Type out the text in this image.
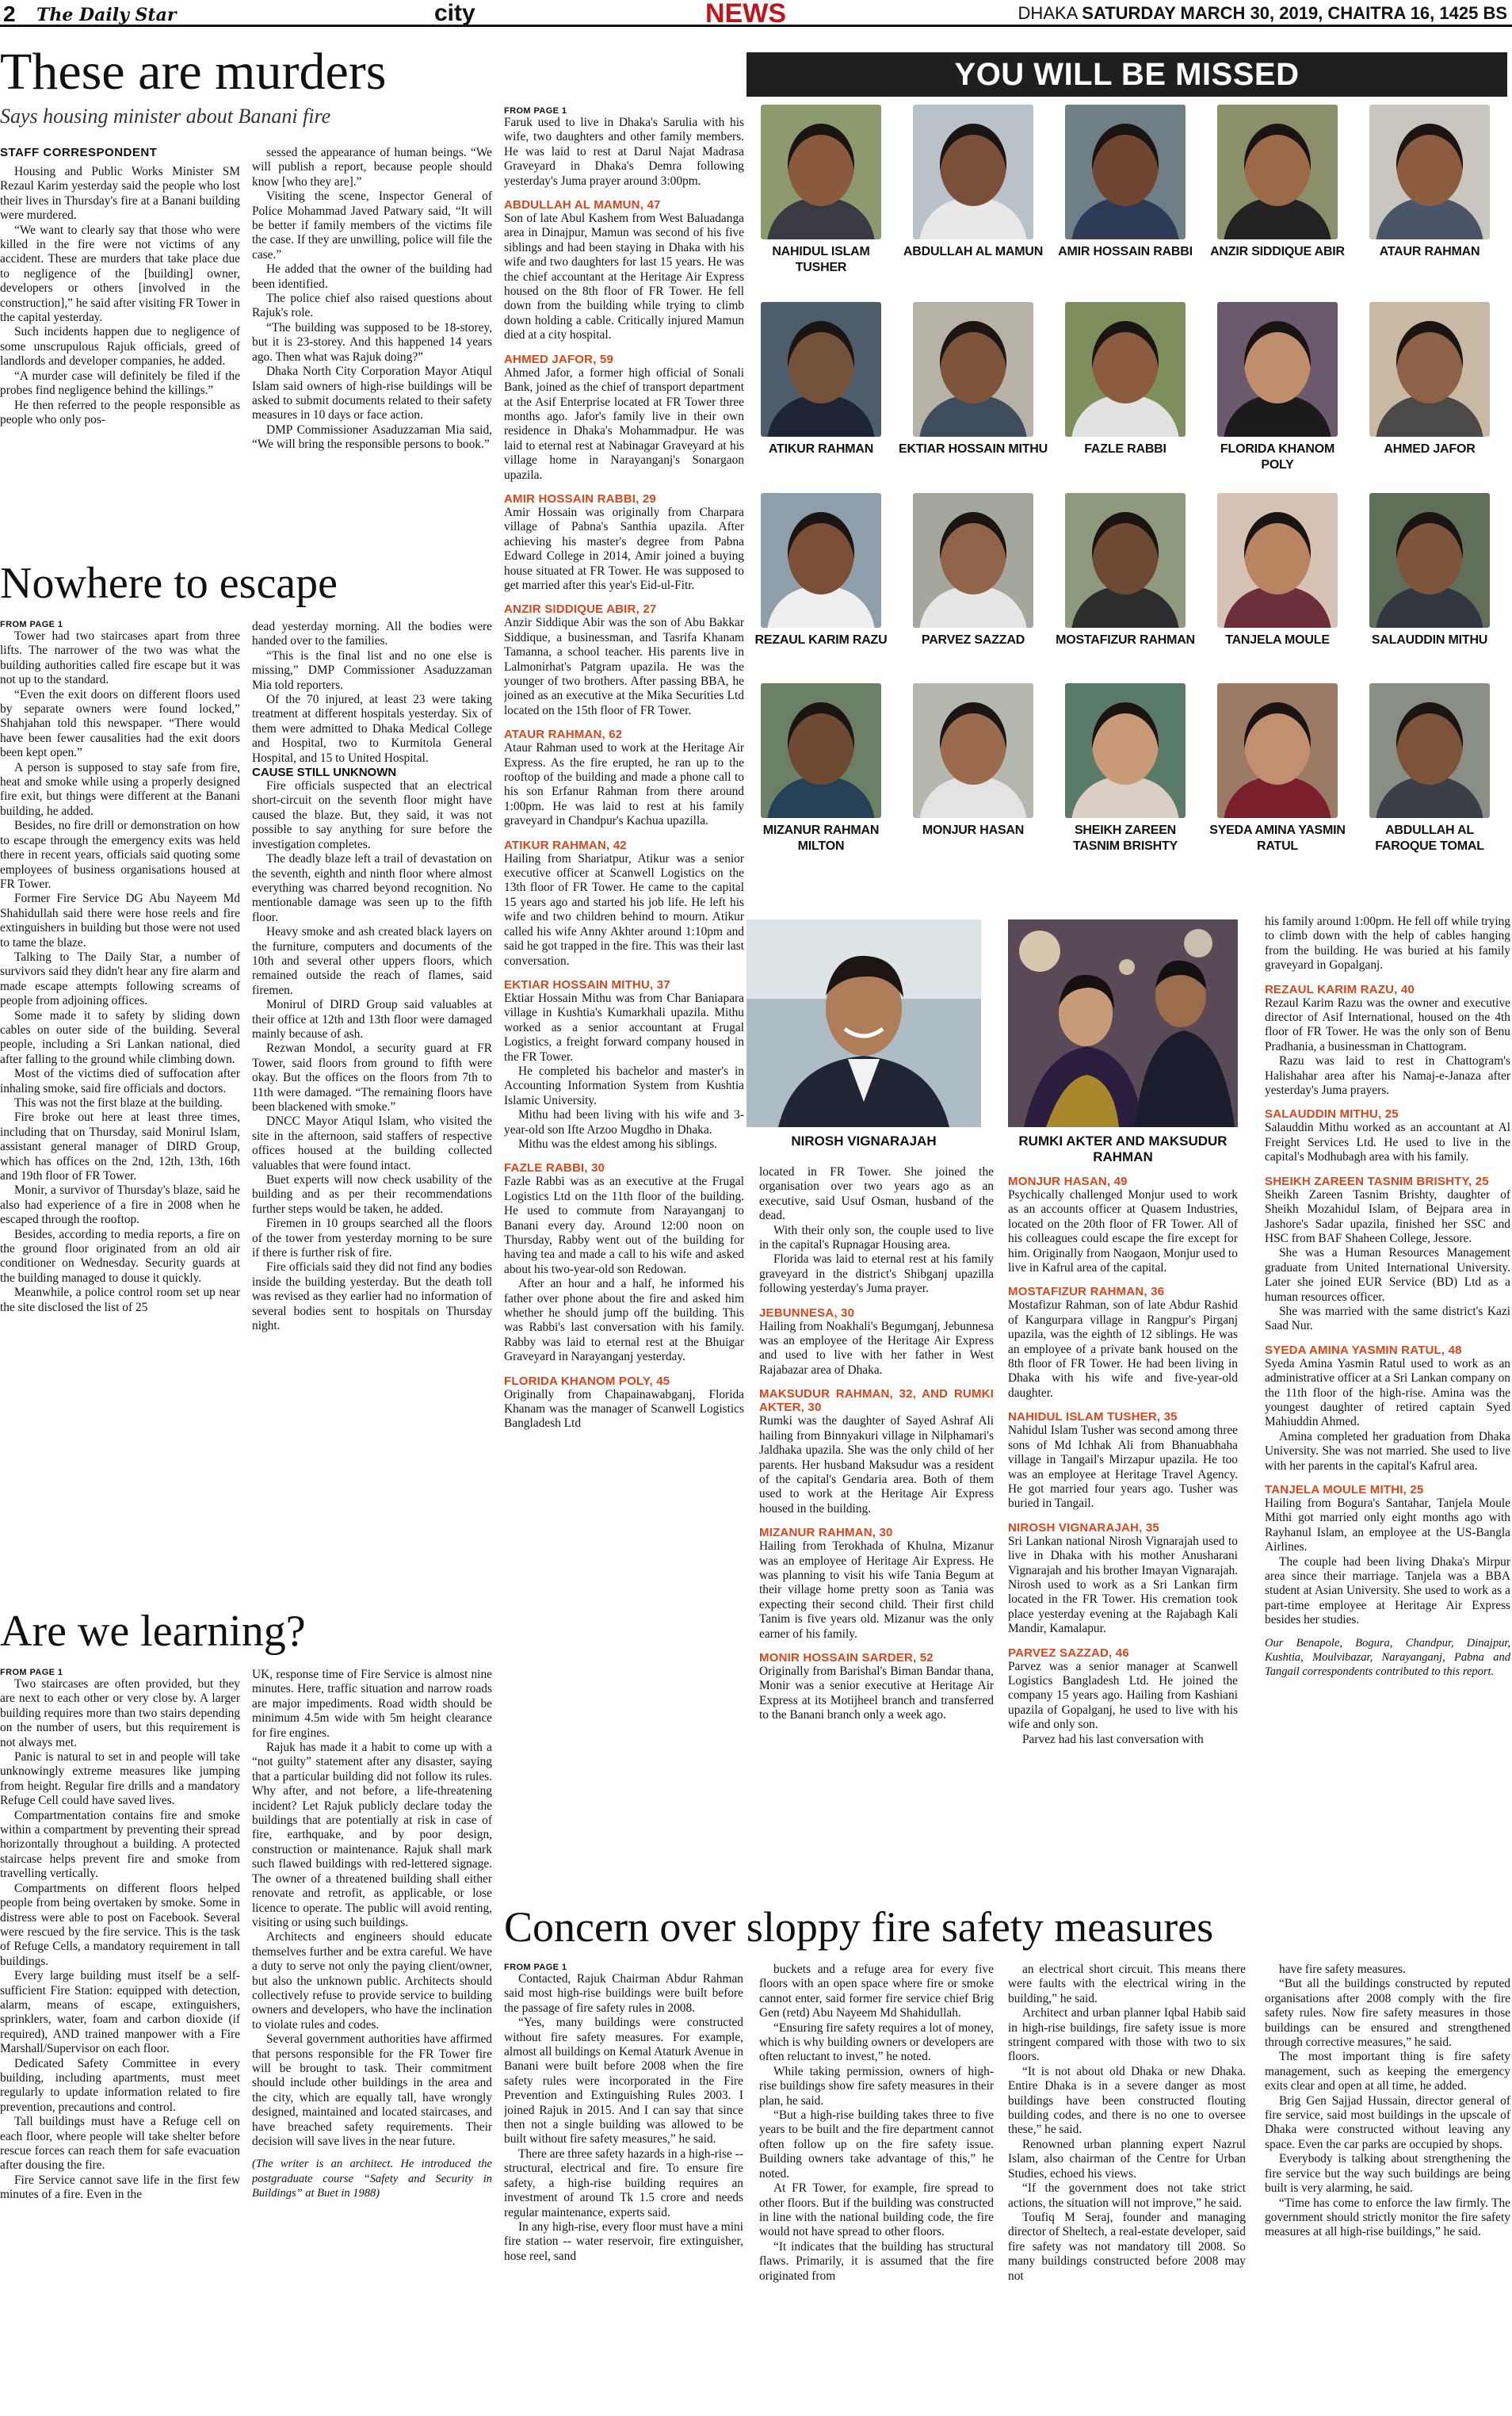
2 The Daily Star	city	NEWS	DHAKA SATURDAY MARCH 30, 2019, CHAITRA 16, 1425 BS
These are murders
Says housing minister about Banani fire
STAFF CORRESPONDENT

Housing and Public Works Minister SM Rezaul Karim yesterday said the people who lost their lives in Thursday's fire at a Banani building were murdered.

“We want to clearly say that those who were killed in the fire were not victims of any accident. These are murders that take place due to negligence of the [building] owner, developers or others [involved in the construction],” he said after visiting FR Tower in the capital yesterday.

Such incidents happen due to negligence of some unscrupulous Rajuk officials, greed of landlords and developer companies, he added.

“A murder case will definitely be filed if the probes find negligence behind the killings.”

He then referred to the people responsible as people who only pos-

sessed the appearance of human beings. “We will publish a report, because people should know [who they are].”

Visiting the scene, Inspector General of Police Mohammad Javed Patwary said, “It will be better if family members of the victims file the case. If they are unwilling, police will file the case.”

He added that the owner of the building had been identified.

The police chief also raised questions about Rajuk's role.

“The building was supposed to be 18-storey, but it is 23-storey. And this happened 14 years ago. Then what was Rajuk doing?”

Dhaka North City Corporation Mayor Atiqul Islam said owners of high-rise buildings will be asked to submit documents related to their safety measures in 10 days or face action.

DMP Commissioner Asaduzzaman Mia said, “We will bring the responsible persons to book.”

Nowhere to escape

FROM PAGE 1

Tower had two staircases apart from three lifts. The narrower of the two was what the building authorities called fire escape but it was not up to the standard.

“Even the exit doors on different floors used by separate owners were found locked,” Shahjahan told this newspaper. “There would have been fewer causalities had the exit doors been kept open.”

A person is supposed to stay safe from fire, heat and smoke while using a properly designed fire exit, but things were different at the Banani building, he added.

Besides, no fire drill or demonstration on how to escape through the emergency exits was held there in recent years, officials said quoting some employees of business organisations housed at FR Tower.

Former Fire Service DG Abu Nayeem Md Shahidullah said there were hose reels and fire extinguishers in building but those were not used to tame the blaze.

Talking to The Daily Star, a number of survivors said they didn't hear any fire alarm and made escape attempts following screams of people from adjoining offices.

Some made it to safety by sliding down cables on outer side of the building. Several people, including a Sri Lankan national, died after falling to the ground while climbing down.

Most of the victims died of suffocation after inhaling smoke, said fire officials and doctors.

This was not the first blaze at the building.

Fire broke out here at least three times, including that on Thursday, said Monirul Islam, assistant general manager of DIRD Group, which has offices on the 2nd, 12th, 13th, 16th and 19th floor of FR Tower.

Monir, a survivor of Thursday's blaze, said he also had experience of a fire in 2008 when he escaped through the rooftop.

Besides, according to media reports, a fire on the ground floor originated from an old air conditioner on Wednesday. Security guards at the building managed to douse it quickly.

Meanwhile, a police control room set up near the site disclosed the list of 25

dead yesterday morning. All the bodies were handed over to the families.

“This is the final list and no one else is missing,” DMP Commissioner Asaduzzaman Mia told reporters.

Of the 70 injured, at least 23 were taking treatment at different hospitals yesterday. Six of them were admitted to Dhaka Medical College and Hospital, two to Kurmitola General Hospital, and 15 to United Hospital.

CAUSE STILL UNKNOWN

Fire officials suspected that an electrical short-circuit on the seventh floor might have caused the blaze. But, they said, it was not possible to say anything for sure before the investigation completes.

The deadly blaze left a trail of devastation on the seventh, eighth and ninth floor where almost everything was charred beyond recognition. No mentionable damage was seen up to the fifth floor.

Heavy smoke and ash created black layers on the furniture, computers and documents of the 10th and several other uppers floors, which remained outside the reach of flames, said firemen.

Monirul of DIRD Group said valuables at their office at 12th and 13th floor were damaged mainly because of ash.

Rezwan Mondol, a security guard at FR Tower, said floors from ground to fifth were okay. But the offices on the floors from 7th to 11th were damaged. “The remaining floors have been blackened with smoke.”

DNCC Mayor Atiqul Islam, who visited the site in the afternoon, said staffers of respective offices housed at the building collected valuables that were found intact.

Buet experts will now check usability of the building and as per their recommendations further steps would be taken, he added.

Firemen in 10 groups searched all the floors of the tower from yesterday morning to be sure if there is further risk of fire.

Fire officials said they did not find any bodies inside the building yesterday. But the death toll was revised as they earlier had no information of several bodies sent to hospitals on Thursday night.

Are we learning?

FROM PAGE 1

Two staircases are often provided, but they are next to each other or very close by. A larger building requires more than two stairs depending on the number of users, but this requirement is not always met.

Panic is natural to set in and people will take unknowingly extreme measures like jumping from height. Regular fire drills and a mandatory Refuge Cell could have saved lives.

Compartmentation contains fire and smoke within a compartment by preventing their spread horizontally throughout a building. A protected staircase helps prevent fire and smoke from travelling vertically.

Compartments on different floors helped people from being overtaken by smoke. Some in distress were able to post on Facebook. Several were rescued by the fire service. This is the task of Refuge Cells, a mandatory requirement in tall buildings.

Every large building must itself be a self-sufficient Fire Station: equipped with detection, alarm, means of escape, extinguishers, sprinklers, water, foam and carbon dioxide (if required), AND trained manpower with a Fire Marshall/Supervisor on each floor.

Dedicated Safety Committee in every building, including apartments, must meet regularly to update information related to fire prevention, precautions and control.

Tall buildings must have a Refuge cell on each floor, where people will take shelter before rescue forces can reach them for safe evacuation after dousing the fire.

Fire Service cannot save life in the first few minutes of a fire. Even in the

UK, response time of Fire Service is almost nine minutes. Here, traffic situation and narrow roads are major impediments. Road width should be minimum 4.5m wide with 5m height clearance for fire engines.

Rajuk has made it a habit to come up with a “not guilty” statement after any disaster, saying that a particular building did not follow its rules. Why after, and not before, a life-threatening incident? Let Rajuk publicly declare today the buildings that are potentially at risk in case of fire, earthquake, and by poor design, construction or maintenance. Rajuk shall mark such flawed buildings with red-lettered signage. The owner of a threatened building shall either renovate and retrofit, as applicable, or lose licence to operate. The public will avoid renting, visiting or using such buildings.

Architects and engineers should educate themselves further and be extra careful. We have a duty to serve not only the paying client/owner, but also the unknown public. Architects should collectively refuse to provide service to building owners and developers, who have the inclination to violate rules and codes.

Several government authorities have affirmed that persons responsible for the FR Tower fire will be brought to task. Their commitment should include other buildings in the area and the city, which are equally tall, have wrongly designed, maintained and located staircases, and have breached safety requirements. Their decision will save lives in the near future.

(The writer is an architect. He introduced the postgraduate course “Safety and Security in Buildings” at Buet in 1988)

FROM PAGE 1

Faruk used to live in Dhaka's Sarulia with his wife, two daughters and other family members. He was laid to rest at Darul Najat Madrasa Graveyard in Dhaka's Demra following yesterday's Juma prayer around 3:00pm.

ABDULLAH AL MAMUN, 47

Son of late Abul Kashem from West Baluadanga area in Dinajpur, Mamun was second of his five siblings and had been staying in Dhaka with his wife and two daughters for last 15 years. He was the chief accountant at the Heritage Air Express housed on the 8th floor of FR Tower. He fell down from the building while trying to climb down holding a cable. Critically injured Mamun died at a city hospital.

AHMED JAFOR, 59

Ahmed Jafor, a former high official of Sonali Bank, joined as the chief of transport department at the Asif Enterprise located at FR Tower three months ago. Jafor's family live in their own residence in Dhaka's Mohammadpur. He was laid to eternal rest at Nabinagar Graveyard at his village home in Narayanganj's Sonargaon upazila.

AMIR HOSSAIN RABBI, 29

Amir Hossain was originally from Charpara village of Pabna's Santhia upazila. After achieving his master's degree from Pabna Edward College in 2014, Amir joined a buying house situated at FR Tower. He was supposed to get married after this year's Eid-ul-Fitr.

ANZIR SIDDIQUE ABIR, 27

Anzir Siddique Abir was the son of Abu Bakkar Siddique, a businessman, and Tasrifa Khanam Tamanna, a school teacher. His parents live in Lalmonirhat's Patgram upazila. He was the younger of two brothers. After passing BBA, he joined as an executive at the Mika Securities Ltd located on the 15th floor of FR Tower.

ATAUR RAHMAN, 62

Ataur Rahman used to work at the Heritage Air Express. As the fire erupted, he ran up to the rooftop of the building and made a phone call to his son Erfanur Rahman from there around 1:00pm. He was laid to rest at his family graveyard in Chandpur's Kachua upazilla.

ATIKUR RAHMAN, 42

Hailing from Shariatpur, Atikur was a senior executive officer at Scanwell Logistics on the 13th floor of FR Tower. He came to the capital 15 years ago and started his job life. He left his wife and two children behind to mourn. Atikur called his wife Anny Akhter around 1:10pm and said he got trapped in the fire. This was their last conversation.

EKTIAR HOSSAIN MITHU, 37

Ektiar Hossain Mithu was from Char Baniapara village in Kushtia's Kumarkhali upazila. Mithu worked as a senior accountant at Frugal Logistics, a freight forward company housed in the FR Tower.

He completed his bachelor and master's in Accounting Information System from Kushtia Islamic University.

Mithu had been living with his wife and 3-year-old son Ifte Arzoo Mugdho in Dhaka.

Mithu was the eldest among his siblings.

FAZLE RABBI, 30

Fazle Rabbi was as an executive at the Frugal Logistics Ltd on the 11th floor of the building. He used to commute from Narayanganj to Banani every day. Around 12:00 noon on Thursday, Rabby went out of the building for having tea and made a call to his wife and asked about his two-year-old son Redowan.

After an hour and a half, he informed his father over phone about the fire and asked him whether he should jump off the building. This was Rabbi's last conversation with his family. Rabby was laid to eternal rest at the Bhuigar Graveyard in Narayanganj yesterday.

FLORIDA KHANOM POLY, 45

Originally from Chapainawabganj, Florida Khanam was the manager of Scanwell Logistics Bangladesh Ltd

YOU WILL BE MISSED
NAHIDUL ISLAM TUSHER
ABDULLAH AL MAMUN	AMIR HOSSAIN RABBI	ANZIR SIDDIQUE ABIR	ATAUR RAHMAN
ATIKUR RAHMAN	EKTIAR HOSSAIN MITHU	FAZLE RABBI	FLORIDA KHANOM POLY
AHMED JAFOR
REZAUL KARIM RAZU	PARVEZ SAZZAD	MOSTAFIZUR RAHMAN	TANJELA MOULE	SALAUDDIN MITHU
MIZANUR RAHMAN MILTON
MONJUR HASAN	SHEIKH ZAREEN TASNIM BRISHTY
SYEDA AMINA YASMIN RATUL
ABDULLAH AL FAROQUE TOMAL
NIROSH VIGNARAJAH	RUMKI AKTER AND MAKSUDUR RAHMAN

located in FR Tower. She joined the organisation over two years ago as an executive, said Usuf Osman, husband of the dead.

With their only son, the couple used to live in the capital's Rupnagar Housing area.

Florida was laid to eternal rest at his family graveyard in the district's Shibganj upazilla following yesterday's Juma prayer.

JEBUNNESA, 30

Hailing from Noakhali's Begumganj, Jebunnesa was an employee of the Heritage Air Express and used to live with her father in West Rajabazar area of Dhaka.

MAKSUDUR RAHMAN, 32, AND RUMKI AKTER, 30

Rumki was the daughter of Sayed Ashraf Ali hailing from Binnyakuri village in Nilphamari's Jaldhaka upazila. She was the only child of her parents. Her husband Maksudur was a resident of the capital's Gendaria area. Both of them used to work at the Heritage Air Express housed in the building.

MIZANUR RAHMAN, 30

Hailing from Terokhada of Khulna, Mizanur was an employee of Heritage Air Express. He was planning to visit his wife Tania Begum at their village home pretty soon as Tania was expecting their second child. Their first child Tanim is five years old. Mizanur was the only earner of his family.

MONIR HOSSAIN SARDER, 52

Originally from Barishal's Biman Bandar thana, Monir was a senior executive at Heritage Air Express at its Motijheel branch and transferred to the Banani branch only a week ago.

MONJUR HASAN, 49

Psychically challenged Monjur used to work as an accounts officer at Quasem Industries, located on the 20th floor of FR Tower. All of his colleagues could escape the fire except for him. Originally from Naogaon, Monjur used to live in Kafrul area of the capital.

MOSTAFIZUR RAHMAN, 36

Mostafizur Rahman, son of late Abdur Rashid of Kangurpara village in Rangpur's Pirganj upazila, was the eighth of 12 siblings. He was an employee of a private bank housed on the 8th floor of FR Tower. He had been living in Dhaka with his wife and five-year-old daughter.

NAHIDUL ISLAM TUSHER, 35

Nahidul Islam Tusher was second among three sons of Md Ichhak Ali from Bhanuabhaha village in Tangail's Mirzapur upazila. He too was an employee at Heritage Travel Agency. He got married four years ago. Tusher was buried in Tangail.

NIROSH VIGNARAJAH, 35

Sri Lankan national Nirosh Vignarajah used to live in Dhaka with his mother Anusharani Vignarajah and his brother Imayan Vignarajah. Nirosh used to work as a Sri Lankan firm located in the FR Tower. His cremation took place yesterday evening at the Rajabagh Kali Mandir, Kamalapur.

PARVEZ SAZZAD, 46

Parvez was a senior manager at Scanwell Logistics Bangladesh Ltd. He joined the company 15 years ago. Hailing from Kashiani upazila of Gopalganj, he used to live with his wife and only son.

Parvez had his last conversation with

his family around 1:00pm. He fell off while trying to climb down with the help of cables hanging from the building. He was buried at his family graveyard in Gopalganj.

REZAUL KARIM RAZU, 40

Rezaul Karim Razu was the owner and executive director of Asif International, housed on the 4th floor of FR Tower. He was the only son of Benu Pradhania, a businessman in Chattogram.

Razu was laid to rest in Chattogram's Halishahar area after his Namaj-e-Janaza after yesterday's Juma prayers.

SALAUDDIN MITHU, 25

Salauddin Mithu worked as an accountant at Al Freight Services Ltd. He used to live in the capital's Modhubagh area with his family.

SHEIKH ZAREEN TASNIM BRISHTY, 25

Sheikh Zareen Tasnim Brishty, daughter of Sheikh Mozahidul Islam, of Bejpara area in Jashore's Sadar upazila, finished her SSC and HSC from BAF Shaheen College, Jessore.

She was a Human Resources Management graduate from United International University. Later she joined EUR Service (BD) Ltd as a human resources officer.

She was married with the same district's Kazi Saad Nur.

SYEDA AMINA YASMIN RATUL, 48

Syeda Amina Yasmin Ratul used to work as an administrative officer at a Sri Lankan company on the 11th floor of the high-rise. Amina was the youngest daughter of retired captain Syed Mahiuddin Ahmed.

Amina completed her graduation from Dhaka University. She was not married. She used to live with her parents in the capital's Kafrul area.

TANJELA MOULE MITHI, 25

Hailing from Bogura's Santahar, Tanjela Moule Mithi got married only eight months ago with Rayhanul Islam, an employee at the US-Bangla Airlines.

The couple had been living Dhaka's Mirpur area since their marriage. Tanjela was a BBA student at Asian University. She used to work as a part-time employee at Heritage Air Express besides her studies.

Our Benapole, Bogura, Chandpur, Dinajpur, Kushtia, Moulvibazar, Narayanganj, Pabna and Tangail correspondents contributed to this report.

Concern over sloppy fire safety measures

FROM PAGE 1

Contacted, Rajuk Chairman Abdur Rahman said most high-rise buildings were built before the passage of fire safety rules in 2008.

“Yes, many buildings were constructed without fire safety measures. For example, almost all buildings on Kemal Ataturk Avenue in Banani were built before 2008 when the fire safety rules were incorporated in the Fire Prevention and Extinguishing Rules 2003. I joined Rajuk in 2015. And I can say that since then not a single building was allowed to be built without fire safety measures,” he said.

There are three safety hazards in a high-rise -- structural, electrical and fire. To ensure fire safety, a high-rise building requires an investment of around Tk 1.5 crore and needs regular maintenance, experts said.

In any high-rise, every floor must have a mini fire station -- water reservoir, fire extinguisher, hose reel, sand

buckets and a refuge area for every five floors with an open space where fire or smoke cannot enter, said former fire service chief Brig Gen (retd) Abu Nayeem Md Shahidullah.

“Ensuring fire safety requires a lot of money, which is why building owners or developers are often reluctant to invest,” he noted.

While taking permission, owners of high-rise buildings show fire safety measures in their plan, he said.

“But a high-rise building takes three to five years to be built and the fire department cannot often follow up on the fire safety issue. Building owners take advantage of this,” he noted.

At FR Tower, for example, fire spread to other floors. But if the building was constructed in line with the national building code, the fire would not have spread to other floors.

“It indicates that the building has structural flaws. Primarily, it is assumed that the fire originated from

an electrical short circuit. This means there were faults with the electrical wiring in the building,” he said.

Architect and urban planner Iqbal Habib said in high-rise buildings, fire safety issue is more stringent compared with those with two to six floors.

“It is not about old Dhaka or new Dhaka. Entire Dhaka is in a severe danger as most buildings have been constructed flouting building codes, and there is no one to oversee these,” he said.

Renowned urban planning expert Nazrul Islam, also chairman of the Centre for Urban Studies, echoed his views.

“If the government does not take strict actions, the situation will not improve,” he said.

Toufiq M Seraj, founder and managing director of Sheltech, a real-estate developer, said fire safety was not mandatory till 2008. So many buildings constructed before 2008 may not

have fire safety measures.

“But all the buildings constructed by reputed organisations after 2008 comply with the fire safety rules. Now fire safety measures in those buildings can be ensured and strengthened through corrective measures,” he said.

The most important thing is fire safety management, such as keeping the emergency exits clear and open at all time, he added.

Brig Gen Sajjad Hussain, director general of fire service, said most buildings in the upscale of Dhaka were constructed without leaving any space. Even the car parks are occupied by shops.

Everybody is talking about strengthening the fire service but the way such buildings are being built is very alarming, he said.

“Time has come to enforce the law firmly. The government should strictly monitor the fire safety measures at all high-rise buildings,” he said.
